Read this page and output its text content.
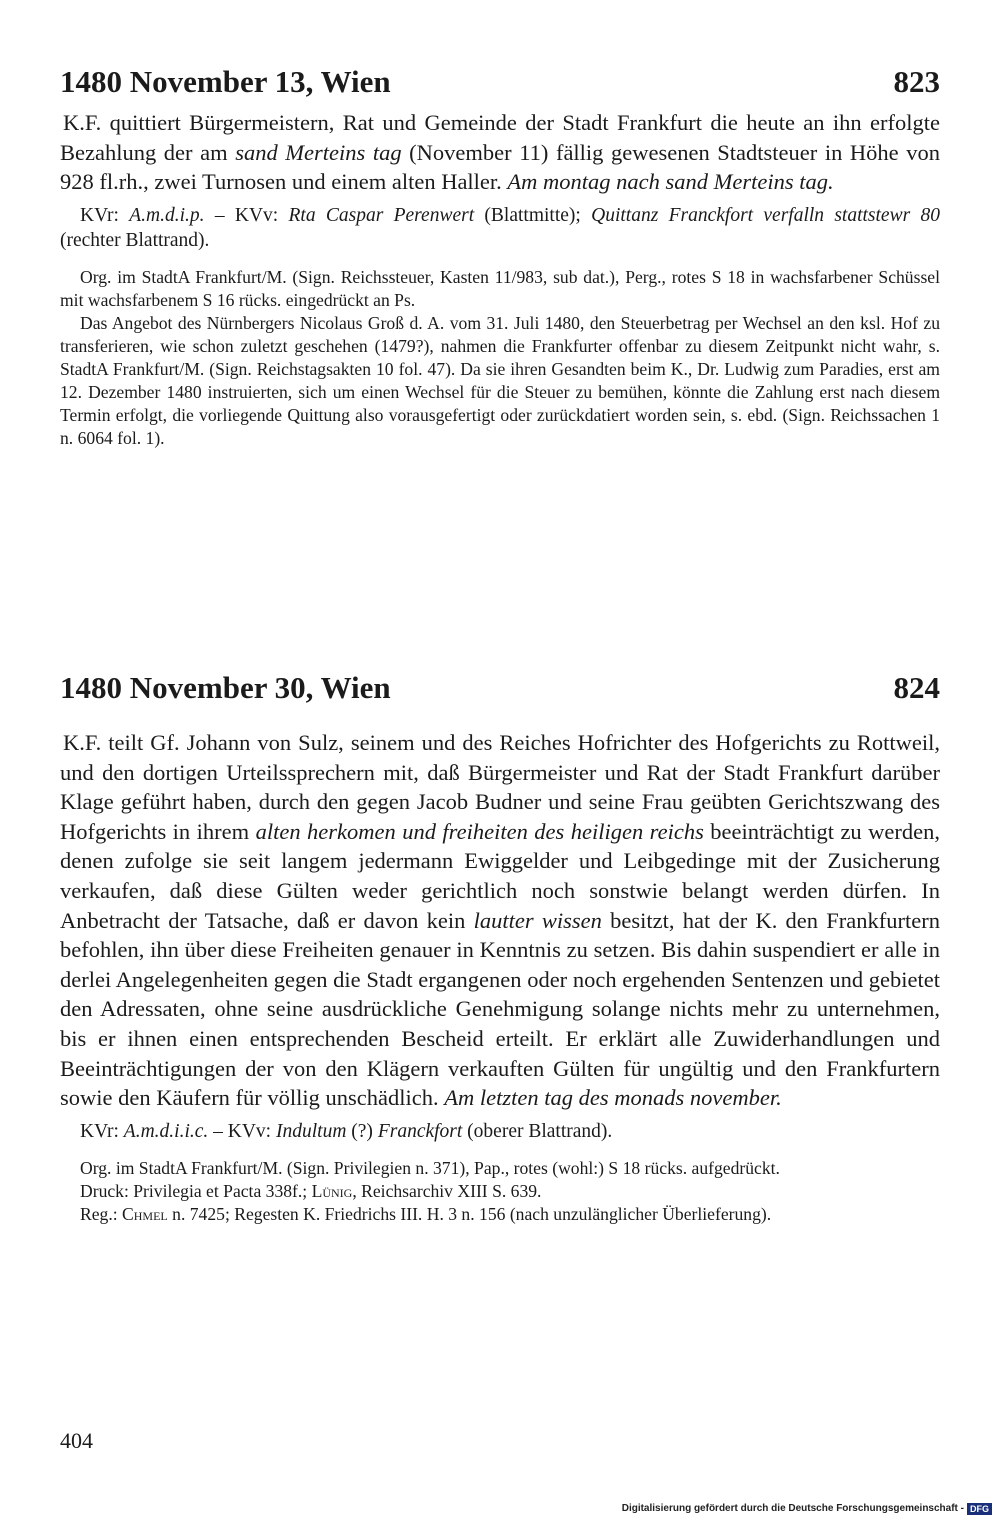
1480 November 13, Wien	823

K.F. quittiert Bürgermeistern, Rat und Gemeinde der Stadt Frankfurt die heute an ihn erfolgte Bezahlung der am sand Merteins tag (November 11) fällig gewesenen Stadtsteuer in Höhe von 928 fl.rh., zwei Turnosen und einem alten Haller. Am montag nach sand Merteins tag.

KVr: A.m.d.i.p. – KVv: Rta Caspar Perenwert (Blattmitte); Quittanz Franckfort verfalln stattstewr 80 (rechter Blattrand).

Org. im StadtA Frankfurt/M. (Sign. Reichssteuer, Kasten 11/983, sub dat.), Perg., rotes S 18 in wachsfarbener Schüssel mit wachsfarbenem S 16 rücks. eingedrückt an Ps.

Das Angebot des Nürnbergers Nicolaus Groß d. A. vom 31. Juli 1480, den Steuerbetrag per Wechsel an den ksl. Hof zu transferieren, wie schon zuletzt geschehen (1479?), nahmen die Frankfurter offenbar zu diesem Zeitpunkt nicht wahr, s. StadtA Frankfurt/M. (Sign. Reichstagsakten 10 fol. 47). Da sie ihren Gesandten beim K., Dr. Ludwig zum Paradies, erst am 12. Dezember 1480 instruierten, sich um einen Wechsel für die Steuer zu bemühen, könnte die Zahlung erst nach diesem Termin erfolgt, die vorliegende Quittung also vorausgefertigt oder zurückdatiert worden sein, s. ebd. (Sign. Reichssachen 1 n. 6064 fol. 1).

1480 November 30, Wien	824

K.F. teilt Gf. Johann von Sulz, seinem und des Reiches Hofrichter des Hofgerichts zu Rottweil, und den dortigen Urteilssprechern mit, daß Bürgermeister und Rat der Stadt Frankfurt darüber Klage geführt haben, durch den gegen Jacob Budner und seine Frau geübten Gerichtszwang des Hofgerichts in ihrem alten herkomen und freiheiten des heiligen reichs beeinträchtigt zu werden, denen zufolge sie seit langem jedermann Ewiggelder und Leibgedinge mit der Zusicherung verkaufen, daß diese Gülten weder gerichtlich noch sonstwie belangt werden dürfen. In Anbetracht der Tatsache, daß er davon kein lautter wissen besitzt, hat der K. den Frankfurtern befohlen, ihn über diese Freiheiten genauer in Kenntnis zu setzen. Bis dahin suspendiert er alle in derlei Angelegenheiten gegen die Stadt ergangenen oder noch ergehenden Sentenzen und gebietet den Adressaten, ohne seine ausdrückliche Genehmigung solange nichts mehr zu unternehmen, bis er ihnen einen entsprechenden Bescheid erteilt. Er erklärt alle Zuwiderhandlungen und Beeinträchtigungen der von den Klägern verkauften Gülten für ungültig und den Frankfurtern sowie den Käufern für völlig unschädlich. Am letzten tag des monads november.

KVr: A.m.d.i.i.c. – KVv: Indultum (?) Franckfort (oberer Blattrand).

Org. im StadtA Frankfurt/M. (Sign. Privilegien n. 371), Pap., rotes (wohl:) S 18 rücks. aufgedrückt.

Druck: Privilegia et Pacta 338f.; Lünig, Reichsarchiv XIII S. 639.

Reg.: Chmel n. 7425; Regesten K. Friedrichs III. H. 3 n. 156 (nach unzulänglicher Überlieferung).

404
Digitalisierung gefördert durch die Deutsche Forschungsgemeinschaft - DFG
